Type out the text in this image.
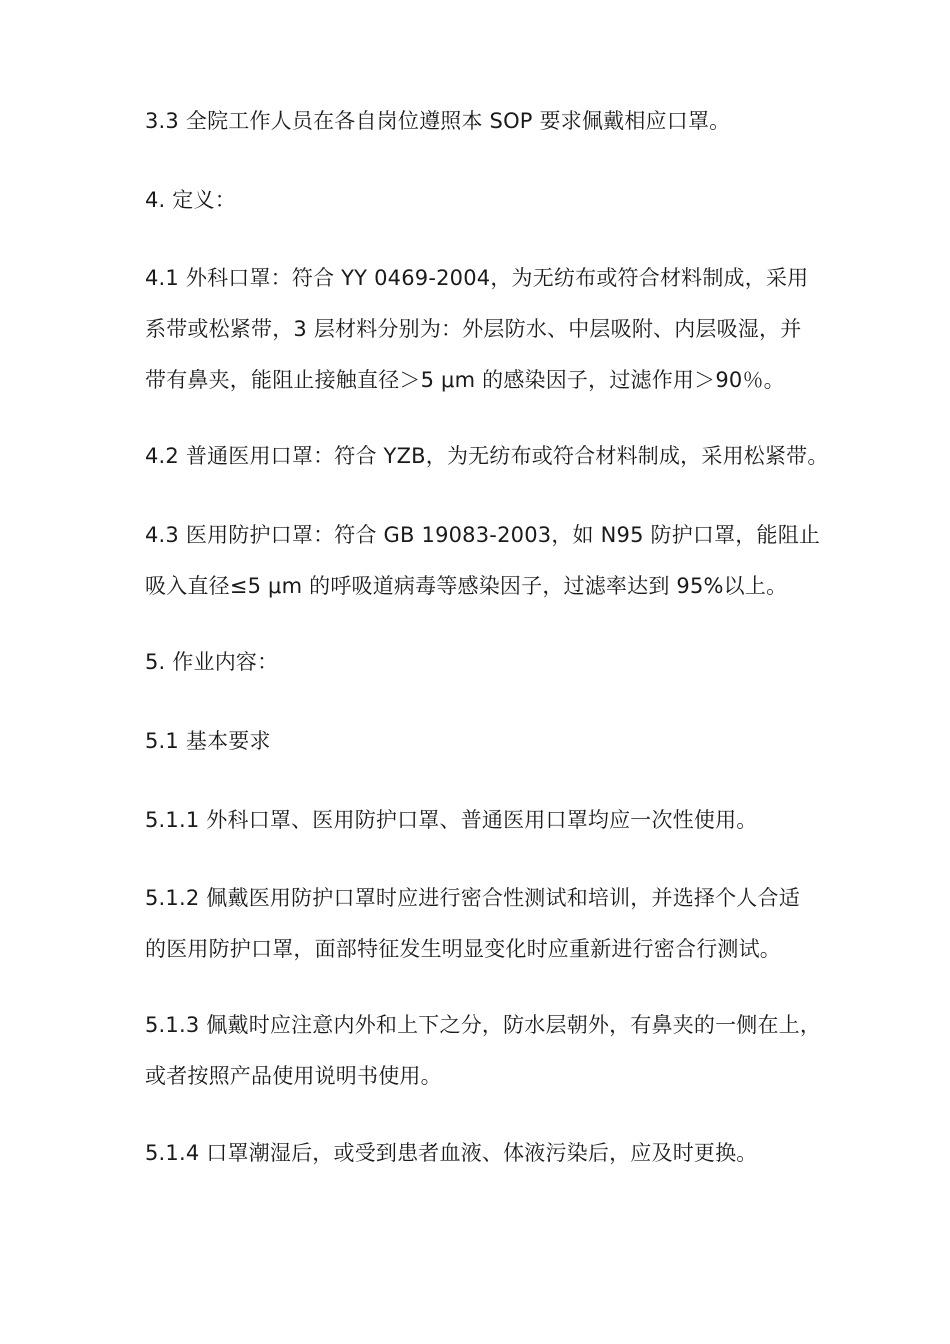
3.3 全院工作人员在各自岗位遵照本 SOP 要求佩戴相应口罩。

4. 定义：

4.1 外科口罩：符合 YY 0469-2004，为无纺布或符合材料制成，采用
系带或松紧带，3 层材料分别为：外层防水、中层吸附、内层吸湿，并
带有鼻夹，能阻止接触直径＞5 μm 的感染因子，过滤作用＞90％。

4.2 普通医用口罩：符合 YZB，为无纺布或符合材料制成，采用松紧带。

4.3 医用防护口罩：符合 GB 19083-2003，如 N95 防护口罩，能阻止
吸入直径≤5 μm 的呼吸道病毒等感染因子，过滤率达到 95%以上。

5. 作业内容：

5.1 基本要求

5.1.1 外科口罩、医用防护口罩、普通医用口罩均应一次性使用。

5.1.2 佩戴医用防护口罩时应进行密合性测试和培训，并选择个人合适
的医用防护口罩，面部特征发生明显变化时应重新进行密合行测试。

5.1.3 佩戴时应注意内外和上下之分，防水层朝外，有鼻夹的一侧在上，
或者按照产品使用说明书使用。

5.1.4 口罩潮湿后，或受到患者血液、体液污染后，应及时更换。
